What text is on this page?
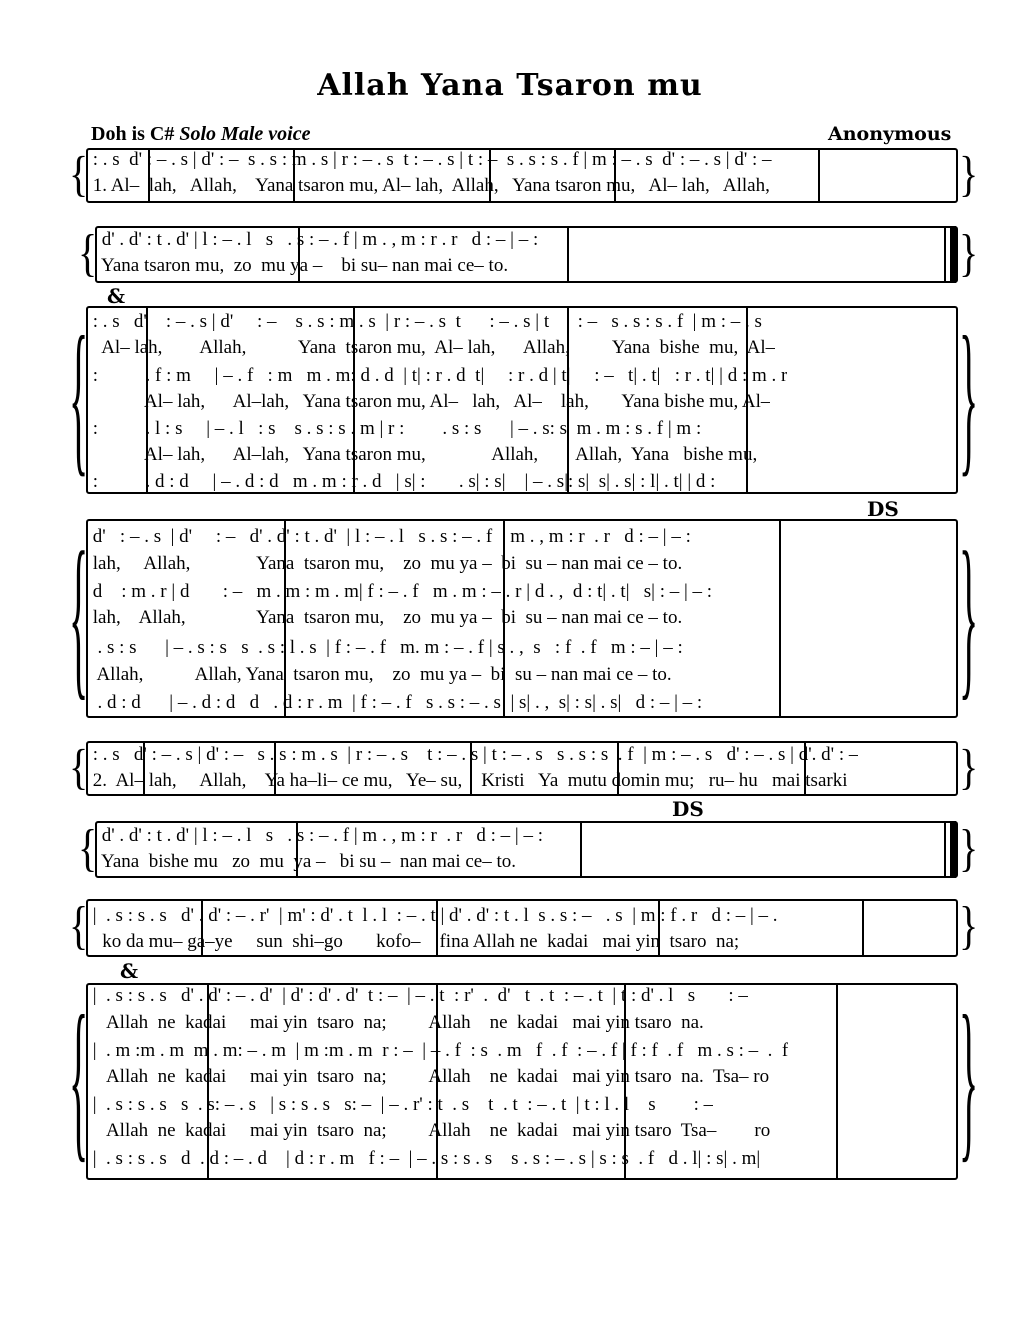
Allah Yana Tsaron mu
Doh is C# Solo Male voice	Anonymous
&
DS
DS
&
{	}
: . s  d' : – . s | d' : –  s . s : m . s | r : – . s  t : – . s | t : –  s . s : s . f | m : – . s  d' : – . s | d' : –
1. Al–  lah,   Allah,    Yana tsaron mu, Al– lah,  Allah,   Yana tsaron mu,   Al– lah,   Allah,
{	}
d' . d' : t . d' | l : – . l   s   . s : – . f | m . , m : r . r   d : – | – :
Yana tsaron mu,  zo  mu ya –    bi su– nan mai ce– to.
{	}
: . s   d'    : – . s | d'     : –    s . s : m . s  | r : – . s  t      : – . s | t      : –   s . s : s . f  | m : – . s
Al– lah,        Allah,           Yana  tsaron mu,  Al– lah,      Allah,         Yana  bishe  mu,  Al–
:          . f : m     | – . f   : m   m . m: d . d  | t| : r . d  t|     : r . d | t|     : –   t| . t|   : r . t| | d : m . r
Al– lah,      Al–lah,   Yana tsaron mu, Al–   lah,   Al–    lah,       Yana bishe mu, Al–
:          . l : s     | – . l   : s    s . s : s . m | r :        . s : s      | – . s: s  m . m : s . f | m :
Al– lah,      Al–lah,   Yana tsaron mu,              Allah,        Allah,  Yana   bishe mu,
:          . d : d     | – . d : d   m . m : r . d   | s| :       . s| : s|    | – . s|: s|  s| . s| : l| . t| | d :
{	}
d'   : – . s  | d'     : –   d' . d' : t . d'  | l : – . l   s . s : – . f  | m . , m : r  . r   d : – | – :
lah,     Allah,              Yana  tsaron mu,    zo  mu ya –  bi  su – nan mai ce – to.
d    : m . r | d       : –   m . m : m . m| f : – . f   m . m : – . r | d . ,  d : t| . t|   s| : – | – :
lah,    Allah,               Yana  tsaron mu,    zo  mu ya –  bi  su – nan mai ce – to.
. s : s      | – . s : s   s  . s : l . s  | f : – . f   m. m : – . f | s . ,  s   : f  . f   m : – | – :
Allah,           Allah, Yana  tsaron mu,    zo  mu ya –  bi  su – nan mai ce – to.
. d : d      | – . d : d   d   . d : r . m  | f : – . f   s . s : – . s  | s| . ,  s| : s| . s|   d : – | – :
{	}
: . s   d' : – . s | d' : –   s . s : m . s  | r : – . s    t : – . s | t : – . s   s . s : s  . f  | m : – . s   d' : – . s | d'. d' : –
2.  Al– lah,     Allah,    Ya ha–li– ce mu,   Ye– su,    Kristi   Ya  mutu domin mu;   ru– hu   mai tsarki
{	}
d' . d' : t . d' | l : – . l   s   . s : – . f | m . , m : r  . r   d : – | – :
Yana  bishe mu   zo  mu  ya –   bi su –  nan mai ce– to.
{	}
|  . s : s . s   d' . d' : – . r'  | m' : d' . t  l . l  : – . t | d' . d' : t . l  s . s : –   . s  | m : f . r   d : – | – .
ko da mu– ga–ye     sun  shi–go       kofo–    fina Allah ne  kadai   mai yin  tsaro  na;
{	}
|  . s : s . s   d' . d' : – . d'  | d' : d' . d'  t : –  | – . t  : r'  .  d'   t  . t  : – . t  | t : d' . l   s       : –
Allah  ne  kadai     mai yin  tsaro  na;         Allah    ne  kadai   mai yin tsaro  na.
|  . m :m . m  m . m: – . m  | m :m . m  r : –  | – . f  : s  . m   f  . f  : – . f | f : f  . f   m . s : –  .  f
Allah  ne  kadai     mai yin  tsaro  na;         Allah    ne  kadai   mai yin tsaro  na.  Tsa– ro
|  . s : s . s   s  . s: – . s   | s : s . s   s: –  | – . r' : t  . s    t  . t  : – . t  | t : l . l    s        : –
Allah  ne  kadai     mai yin  tsaro  na;         Allah    ne  kadai   mai yin tsaro  Tsa–        ro
|  . s : s . s   d  . d : – . d    | d : r . m   f : –  | – . s : s . s    s . s : – . s | s : s  . f   d . l| : s| . m|
